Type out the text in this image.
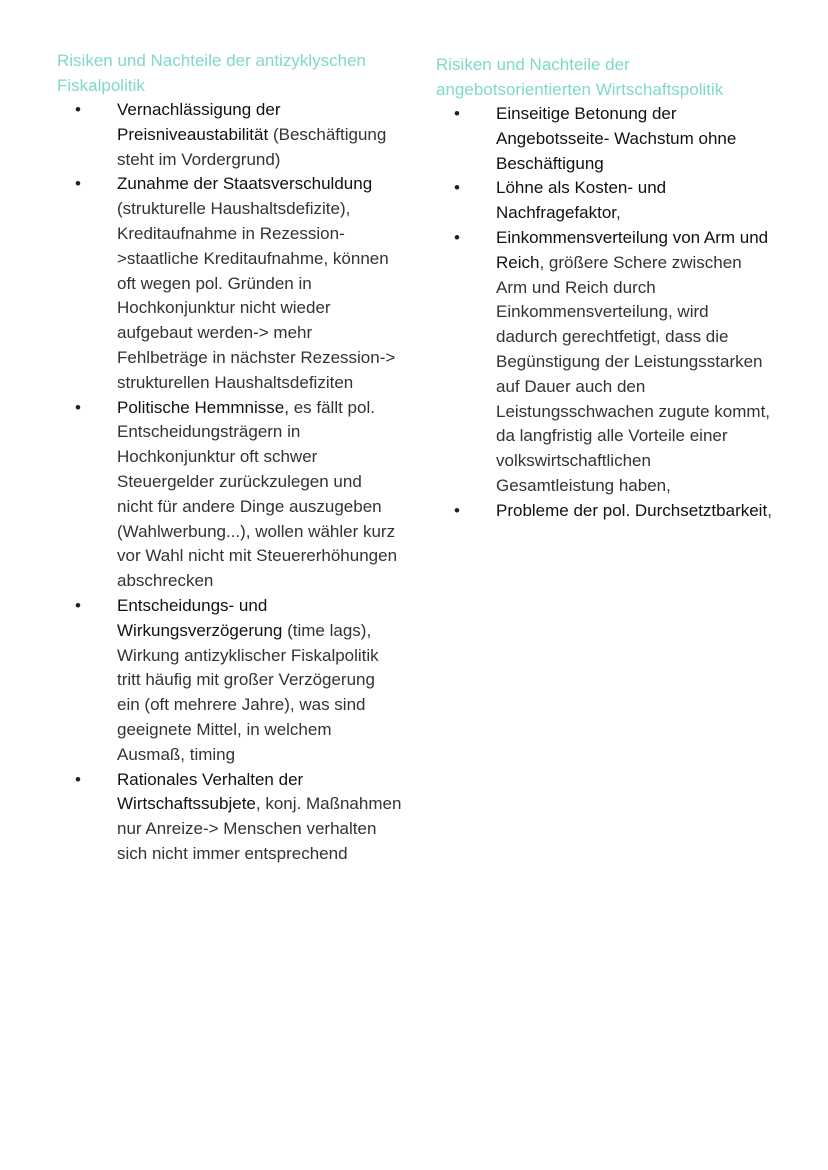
Risiken und Nachteile der antizyklyschen Fiskalpolitik
• Vernachlässigung der Preisniveaustabilität (Beschäftigung steht im Vordergrund)
• Zunahme der Staatsverschuldung (strukturelle Haushaltsdefizite), Kreditaufnahme in Rezession->staatliche Kreditaufnahme, können oft wegen pol. Gründen in Hochkonjunktur nicht wieder aufgebaut werden-> mehr Fehlbeträge in nächster Rezession-> strukturellen Haushaltsdefiziten
• Politische Hemmnisse, es fällt pol. Entscheidungsträgern in Hochkonjunktur oft schwer Steuergelder zurückzulegen und nicht für andere Dinge auszugeben (Wahlwerbung...), wollen wähler kurz vor Wahl nicht mit Steuererhöhungen abschrecken
• Entscheidungs- und Wirkungsverzögerung (time lags), Wirkung antizyklischer Fiskalpolitik tritt häufig mit großer Verzögerung ein (oft mehrere Jahre), was sind geeignete Mittel, in welchem Ausmaß, timing
• Rationales Verhalten der Wirtschaftssubjete, konj. Maßnahmen nur Anreize-> Menschen verhalten sich nicht immer entsprechend
Risiken und Nachteile der angebotsorientierten Wirtschaftspolitik
• Einseitige Betonung der Angebotsseite- Wachstum ohne Beschäftigung
• Löhne als Kosten- und Nachfragefaktor,
• Einkommensverteilung von Arm und Reich, größere Schere zwischen Arm und Reich durch Einkommensverteilung, wird dadurch gerechtfetigt, dass die Begünstigung der Leistungsstarken auf Dauer auch den Leistungsschwachen zugute kommt, da langfristig alle Vorteile einer volkswirtschaftlichen Gesamtleistung haben,
• Probleme der pol. Durchsetztbarkeit,
